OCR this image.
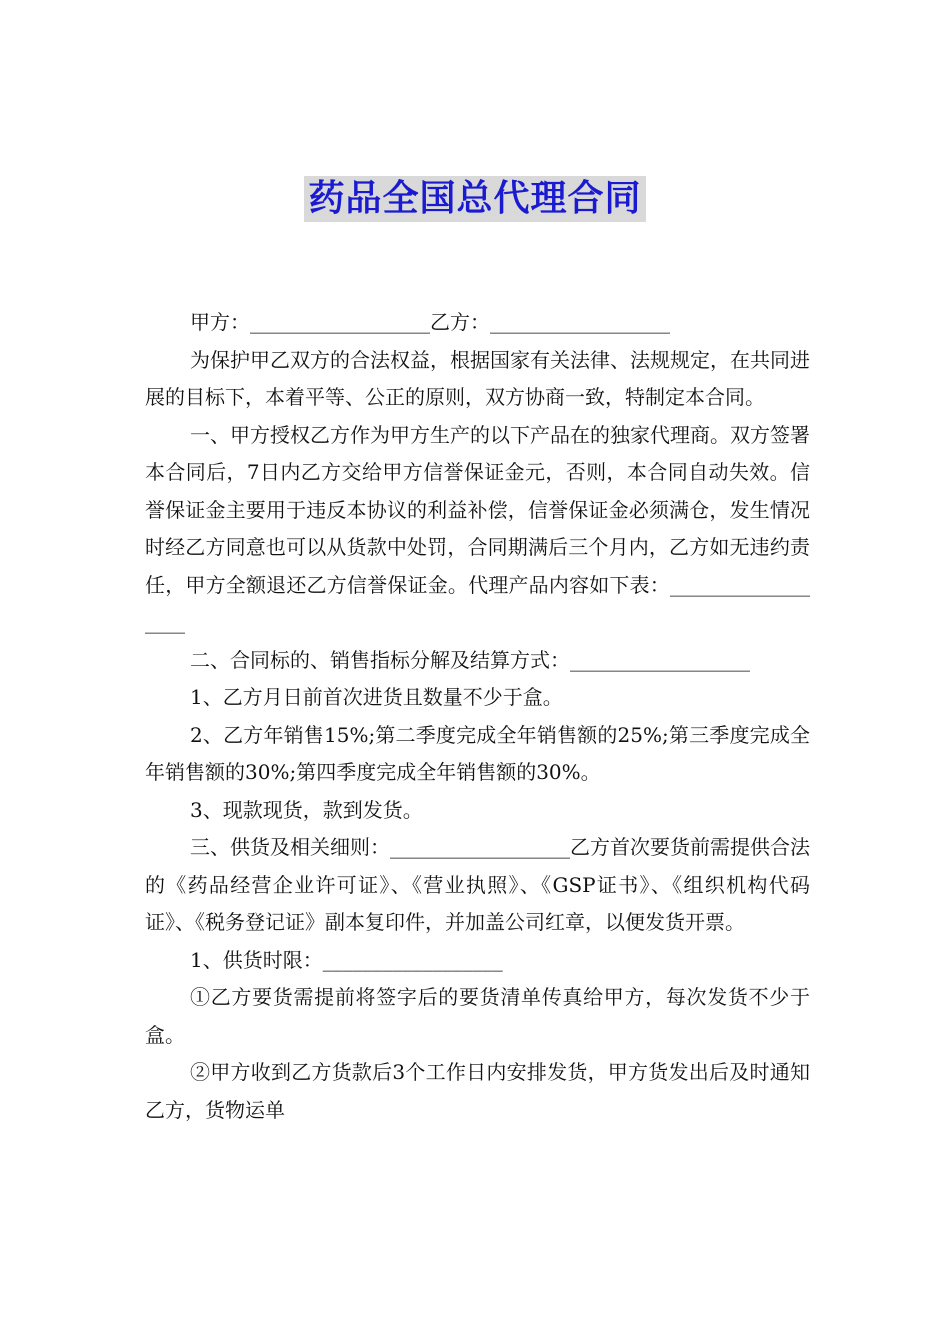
药品全国总代理合同

甲方：__________________乙方：__________________

为保护甲乙双方的合法权益，根据国家有关法律、法规规定，在共同进展的目标下，本着平等、公正的原则，双方协商一致，特制定本合同。

一、甲方授权乙方作为甲方生产的以下产品在的独家代理商。双方签署本合同后，7日内乙方交给甲方信誉保证金元，否则，本合同自动失效。信誉保证金主要用于违反本协议的利益补偿，信誉保证金必须满仓，发生情况时经乙方同意也可以从货款中处罚，合同期满后三个月内，乙方如无违约责任，甲方全额退还乙方信誉保证金。代理产品内容如下表：__________________

二、合同标的、销售指标分解及结算方式：__________________

1、乙方月日前首次进货且数量不少于盒。

2、乙方年销售15%;第二季度完成全年销售额的25%;第三季度完成全年销售额的30%;第四季度完成全年销售额的30%。

3、现款现货，款到发货。

三、供货及相关细则：__________________乙方首次要货前需提供合法的《药品经营企业许可证》、《营业执照》、《GSP证书》、《组织机构代码证》、《税务登记证》副本复印件，并加盖公司红章，以便发货开票。

1、供货时限：__________________

①乙方要货需提前将签字后的要货清单传真给甲方，每次发货不少于盒。

②甲方收到乙方货款后3个工作日内安排发货，甲方货发出后及时通知乙方，货物运单
